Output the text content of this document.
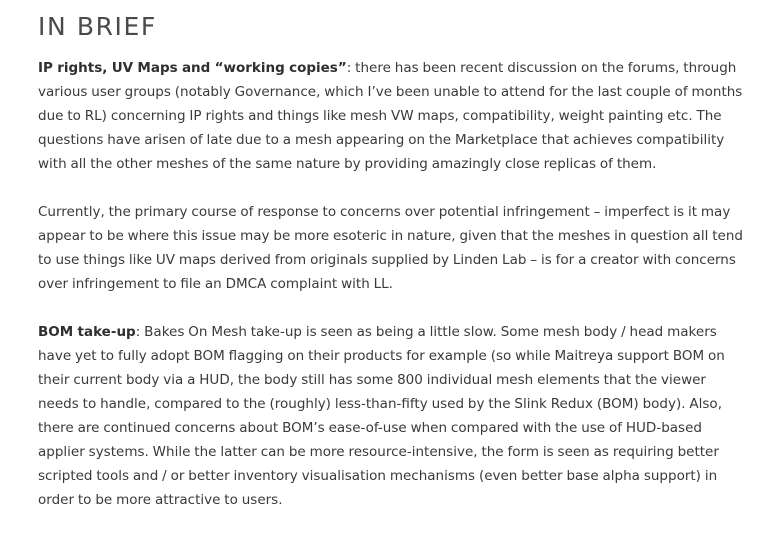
IN BRIEF

IP rights, UV Maps and “working copies”: there has been recent discussion on the forums, through various user groups (notably Governance, which I’ve been unable to attend for the last couple of months due to RL) concerning IP rights and things like mesh VW maps, compatibility, weight painting etc. The questions have arisen of late due to a mesh appearing on the Marketplace that achieves compatibility with all the other meshes of the same nature by providing amazingly close replicas of them.

Currently, the primary course of response to concerns over potential infringement – imperfect is it may appear to be where this issue may be more esoteric in nature, given that the meshes in question all tend to use things like UV maps derived from originals supplied by Linden Lab – is for a creator with concerns over infringement to file an DMCA complaint with LL.

BOM take-up: Bakes On Mesh take-up is seen as being a little slow. Some mesh body / head makers have yet to fully adopt BOM flagging on their products for example (so while Maitreya support BOM on their current body via a HUD, the body still has some 800 individual mesh elements that the viewer needs to handle, compared to the (roughly) less-than-fifty used by the Slink Redux (BOM) body). Also, there are continued concerns about BOM’s ease-of-use when compared with the use of HUD-based applier systems. While the latter can be more resource-intensive, the form is seen as requiring better scripted tools and / or better inventory visualisation mechanisms (even better base alpha support) in order to be more attractive to users.
